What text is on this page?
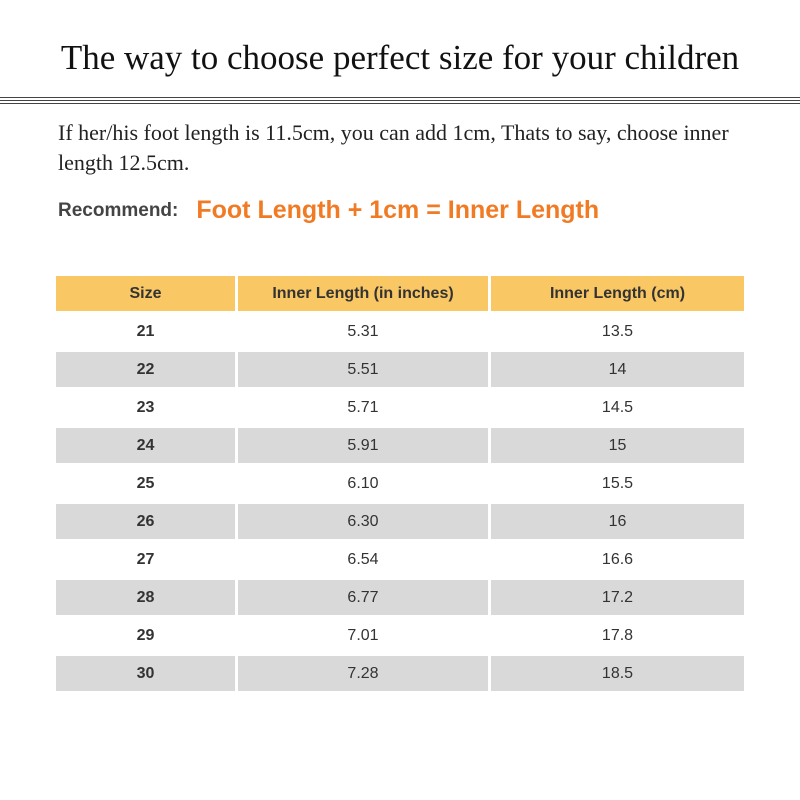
The way to choose perfect size for your children
If her/his foot length is 11.5cm, you can add 1cm, Thats to say, choose inner length 12.5cm.
Recommend: Foot Length + 1cm = Inner Length
Size	Inner Length (in inches)	Inner Length (cm)
21	5.31	13.5
22	5.51	14
23	5.71	14.5
24	5.91	15
25	6.10	15.5
26	6.30	16
27	6.54	16.6
28	6.77	17.2
29	7.01	17.8
30	7.28	18.5
